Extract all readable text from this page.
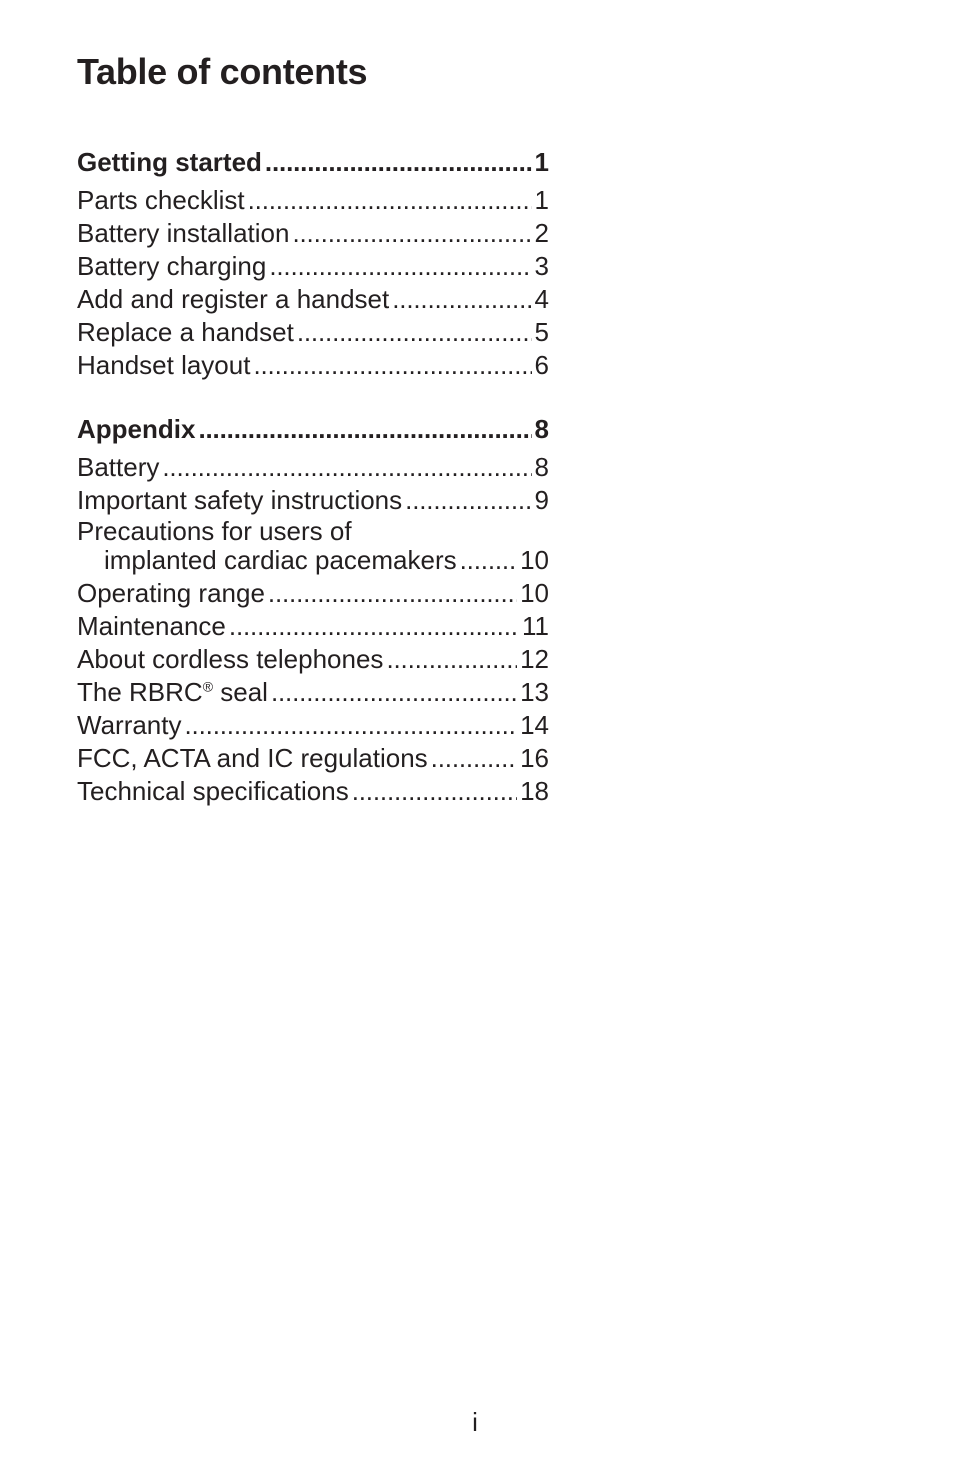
Table of contents
Getting started . . .	1
Parts checklist . . .	1
Battery installation . . .	2
Battery charging . . .	3
Add and register a handset . . .	4
Replace a handset . . .	5
Handset layout . . .	6
Appendix . . .	8
Battery . . .	8
Important safety instructions . . .	9
Precautions for users of
implanted cardiac pacemakers . . . 10
Operating range . . .	10
Maintenance . . .	11
About cordless telephones . . .	12
The RBRC® seal . . .	13
Warranty . . .	14
FCC, ACTA and IC regulations . . .	16
Technical specifications . . .	18
i
